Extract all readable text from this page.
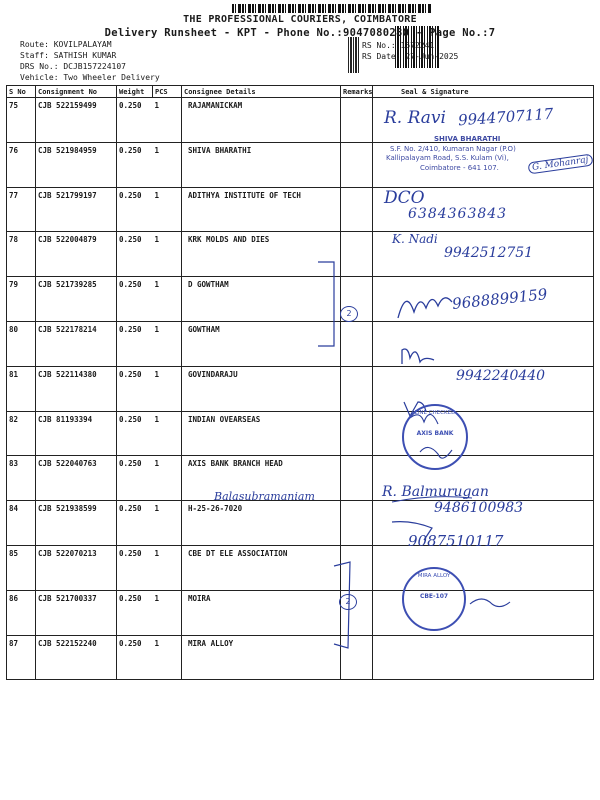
THE PROFESSIONAL COURIERS, COIMBATORE
Delivery Runsheet - KPT - Phone No.:9047080280 - Page No.:7
Route: KOVILPALAYAM
Staff: SATHISH KUMAR
DRS No.: DCJB157224107
Vehicle: Two Wheeler Delivery
RS No.: 1572241
RS Date: 27-Jun-2025
S No	Consignment No	Weight	PCS	Consignee Details	Remarks	Seal & Signature
75	CJB 522159499	0.250	1	RAJAMANICKAM		
76	CJB 521984959	0.250	1	SHIVA BHARATHI		
77	CJB 521799197	0.250	1	ADITHYA INSTITUTE OF TECH		
78	CJB 522004879	0.250	1	KRK MOLDS AND DIES		
79	CJB 521739285	0.250	1	D GOWTHAM		
80	CJB 522178214	0.250	1	GOWTHAM		
81	CJB 522114380	0.250	1	GOVINDARAJU		
82	CJB 81193394	0.250	1	INDIAN OVEARSEAS		
83	CJB 522040763	0.250	1	AXIS BANK BRANCH HEAD		
84	CJB 521938599	0.250	1	H-25-26-7020		
85	CJB 522070213	0.250	1	CBE DT ELE ASSOCIATION		
86	CJB 521700337	0.250	1	MOIRA		
87	CJB 522152240	0.250	1	MIRA ALLOY		
2
2
R. Ravi 9944707117
SHIVA BHARATHI
S.F. No. 2/410, Kumaran Nagar (P.O)
Kallipalayam Road, S.S. Kulam (Vi),
Coimbatore - 641 107.	G. Mohanraj
DCO
6384363843
K. Nadi
9942512751
9688899159
9942240440
LINE CHECKED
AXIS BANK
Balasubramaniam	R. Balmurugan
9486100983
9087510117
MIRA ALLOY
CBE-107
